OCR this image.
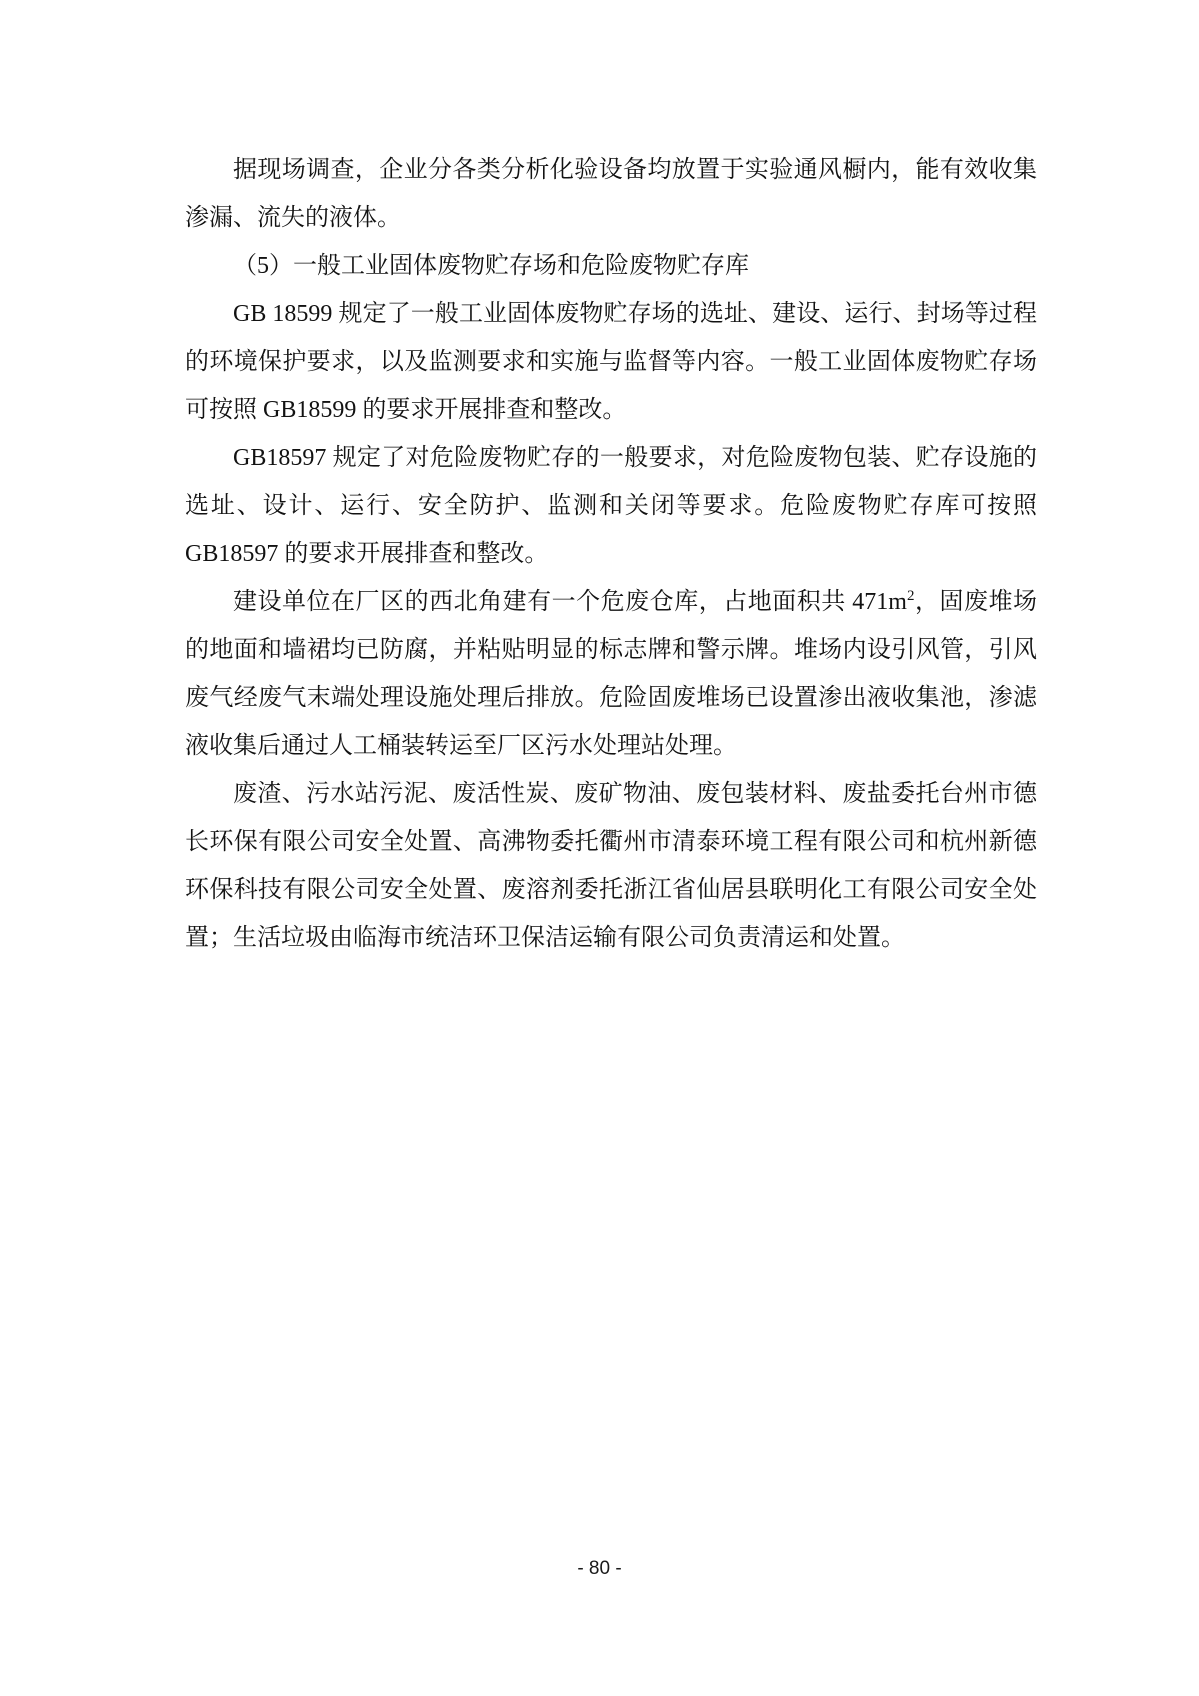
据现场调查，企业分各类分析化验设备均放置于实验通风橱内，能有效收集渗漏、流失的液体。

（5）一般工业固体废物贮存场和危险废物贮存库

GB 18599 规定了一般工业固体废物贮存场的选址、建设、运行、封场等过程的环境保护要求，以及监测要求和实施与监督等内容。一般工业固体废物贮存场可按照 GB18599 的要求开展排查和整改。

GB18597 规定了对危险废物贮存的一般要求，对危险废物包装、贮存设施的选址、设计、运行、安全防护、监测和关闭等要求。危险废物贮存库可按照 GB18597 的要求开展排查和整改。

建设单位在厂区的西北角建有一个危废仓库，占地面积共 $471m^2$，固废堆场的地面和墙裙均已防腐，并粘贴明显的标志牌和警示牌。堆场内设引风管，引风废气经废气末端处理设施处理后排放。危险固废堆场已设置渗出液收集池，渗滤液收集后通过人工桶装转运至厂区污水处理站处理。

废渣、污水站污泥、废活性炭、废矿物油、废包装材料、废盐委托台州市德长环保有限公司安全处置、高沸物委托衢州市清泰环境工程有限公司和杭州新德环保科技有限公司安全处置、废溶剂委托浙江省仙居县联明化工有限公司安全处置；生活垃圾由临海市统洁环卫保洁运输有限公司负责清运和处置。

- 80 -
